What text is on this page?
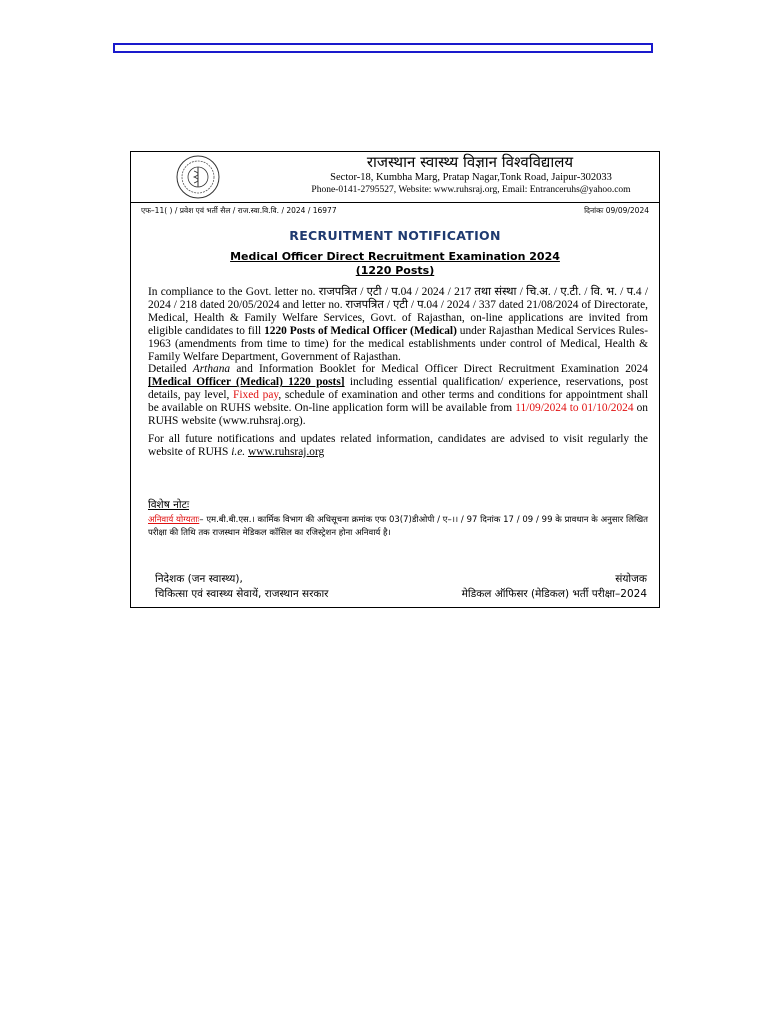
राजस्थान स्वास्थ्य विज्ञान विश्वविद्यालय
Sector-18, Kumbha Marg, Pratap Nagar,Tonk Road, Jaipur-302033
Phone-0141-2795527, Website: www.ruhsraj.org, Email: Entranceruhs@yahoo.com
एफ–11( ) / प्रवेश एवं भर्ती सैल / राज.स्वा.वि.वि. / 2024 / 16977	दिनांकः 09/09/2024
RECRUITMENT NOTIFICATION
Medical Officer Direct Recruitment Examination 2024
(1220 Posts)

In compliance to the Govt. letter no. राजपत्रित / एटी / प.04 / 2024 / 217 तथा संस्था / चि.अ. / ए.टी. / वि. भ. / प.4 / 2024 / 218 dated 20/05/2024 and letter no. राजपत्रित / एटी / प.04 / 2024 / 337 dated 21/08/2024 of Directorate, Medical, Health & Family Welfare Services, Govt. of Rajasthan, on-line applications are invited from eligible candidates to fill 1220 Posts of Medical Officer (Medical) under Rajasthan Medical Services Rules-1963 (amendments from time to time) for the medical establishments under control of Medical, Health & Family Welfare Department, Government of Rajasthan.

Detailed Arthana and Information Booklet for Medical Officer Direct Recruitment Examination 2024 [Medical Officer (Medical) 1220 posts] including essential qualification/ experience, reservations, post details, pay level, Fixed pay, schedule of examination and other terms and conditions for appointment shall be available on RUHS website. On-line application form will be available from 11/09/2024 to 01/10/2024 on RUHS website (www.ruhsraj.org).

For all future notifications and updates related information, candidates are advised to visit regularly the website of RUHS i.e. www.ruhsraj.org

विशेष नोटः
अनिवार्य योग्यताः– एम.बी.बी.एस.। कार्मिक विभाग की अधिसूचना क्रमांक एफ 03(7)डीओपी / ए–।। / 97 दिनांक 17 / 09 / 99 के प्रावधान के अनुसार लिखित परीक्षा की तिथि तक राजस्थान मेडिकल कॉसिल का रजिस्ट्रेशन होना अनिवार्य है।
निदेशक (जन स्वास्थ्य),
चिकित्सा एवं स्वास्थ्य सेवायें, राजस्थान सरकार
संयोजक
मेडिकल ऑफिसर (मेडिकल) भर्ती परीक्षा–2024
